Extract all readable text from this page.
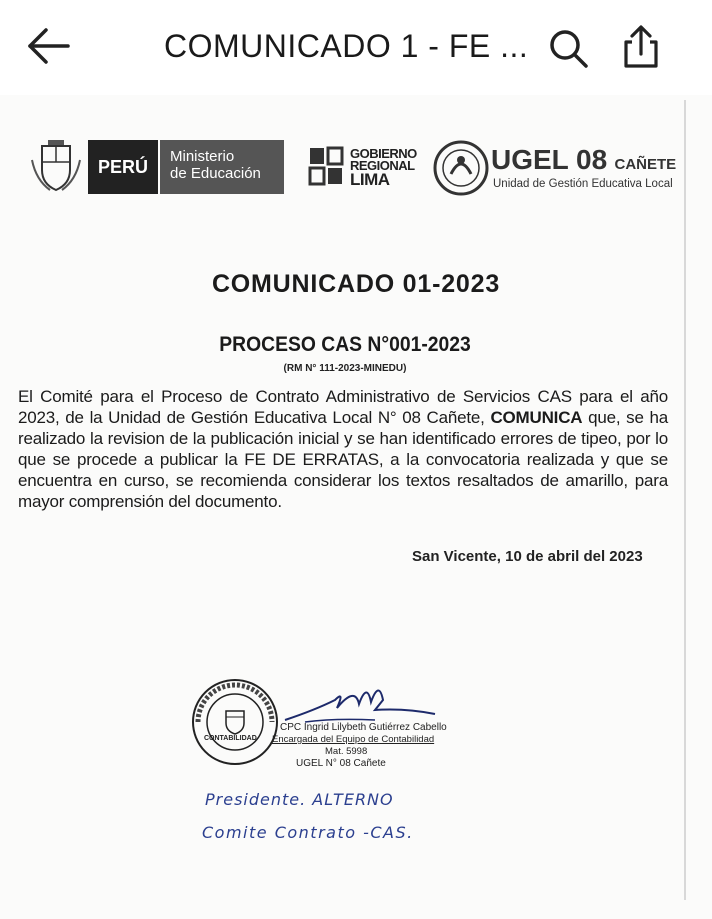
COMUNICADO 1 - FE ...
PERÚ	Ministerio
de Educación
GOBIERNO
REGIONAL
LIMA
UGEL 08 CAÑETE
Unidad de Gestión Educativa Local
COMUNICADO 01-2023
PROCESO CAS N°001-2023
(RM N° 111-2023-MINEDU)
El Comité para el Proceso de Contrato Administrativo de Servicios CAS para el año 2023, de la Unidad de Gestión Educativa Local N° 08 Cañete, COMUNICA que, se ha realizado la revision de la publicación inicial y se han identificado errores de tipeo, por lo que se procede a publicar la FE DE ERRATAS, a la convocatoria realizada y que se encuentra en curso, se recomienda considerar los textos resaltados de amarillo, para mayor comprensión del documento.
San Vicente, 10 de abril del 2023
CONTABILIDAD
CPC Ingrid Lilybeth Gutiérrez Cabello
Encargada del Equipo de Contabilidad
Mat. 5998
UGEL N° 08 Cañete
Presidente. ALTERNO
Comite Contrato -CAS.
